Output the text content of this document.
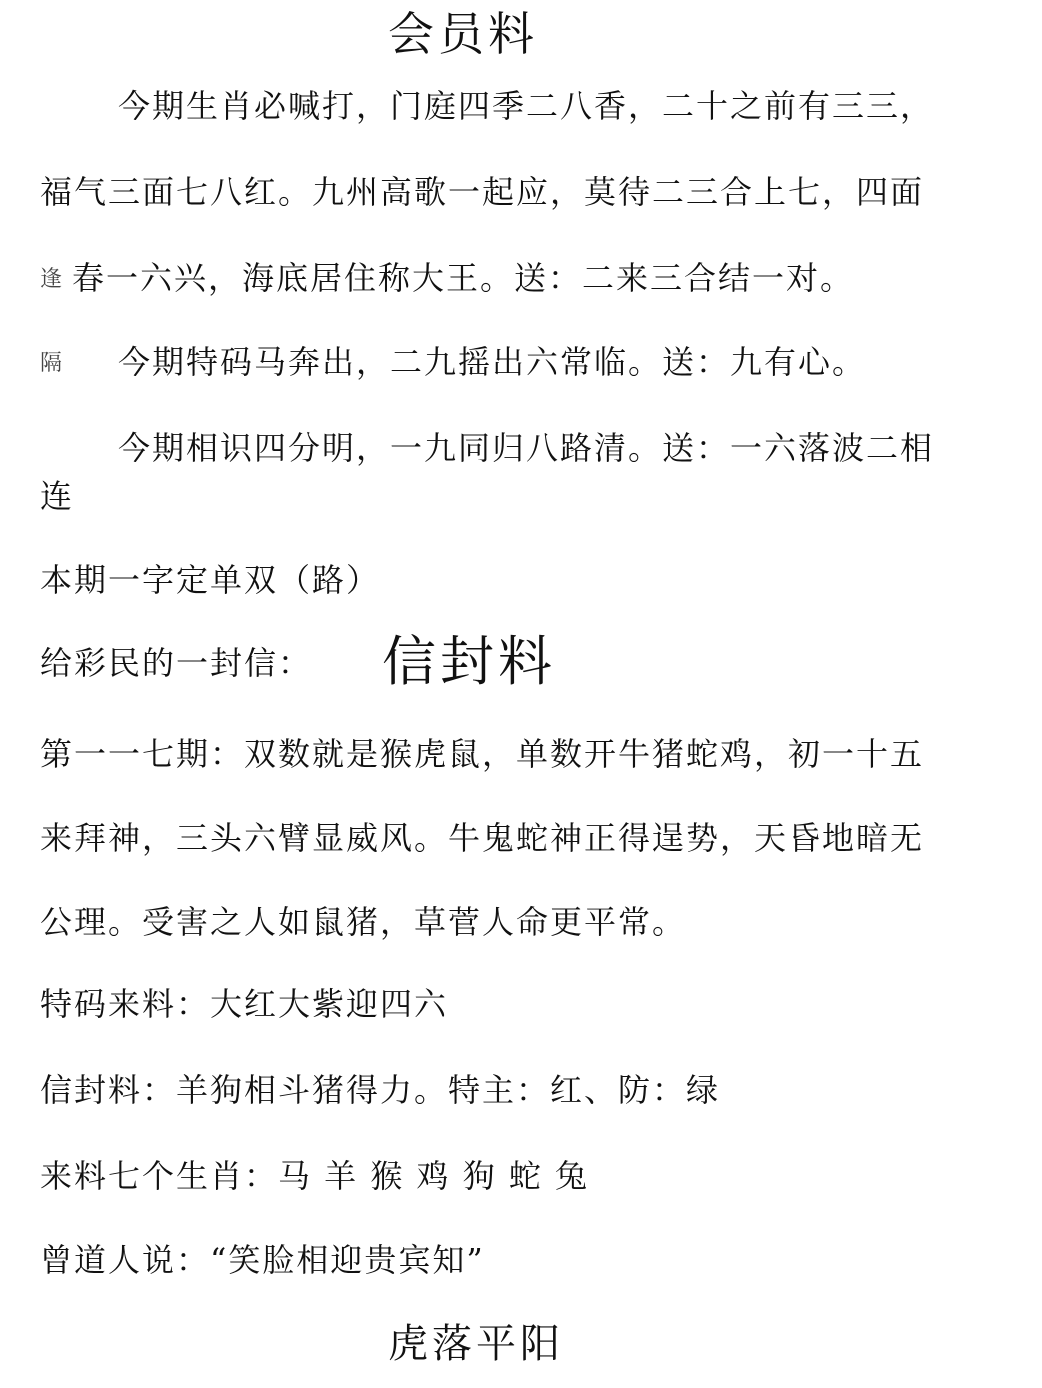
会员料
今期生肖必喊打，门庭四季二八香，二十之前有三三，
福气三面七八红。九州高歌一起应，莫待二三合上七，四面
逢 春一六兴，海底居住称大王。送：二来三合结一对。
隔 今期特码马奔出，二九摇出六常临。送：九有心。
今期相识四分明，一九同归八路清。送：一六落波二相
连
本期一字定单双（路）
给彩民的一封信： 信封料
第一一七期：双数就是猴虎鼠，单数开牛猪蛇鸡，初一十五
来拜神，三头六臂显威风。牛鬼蛇神正得逞势，天昏地暗无
公理。受害之人如鼠猪，草菅人命更平常。
特码来料：大红大紫迎四六
信封料：羊狗相斗猪得力。特主：红、防：绿
来料七个生肖：马 羊 猴 鸡 狗 蛇 兔
曾道人说：“笑脸相迎贵宾知”
虎落平阳
